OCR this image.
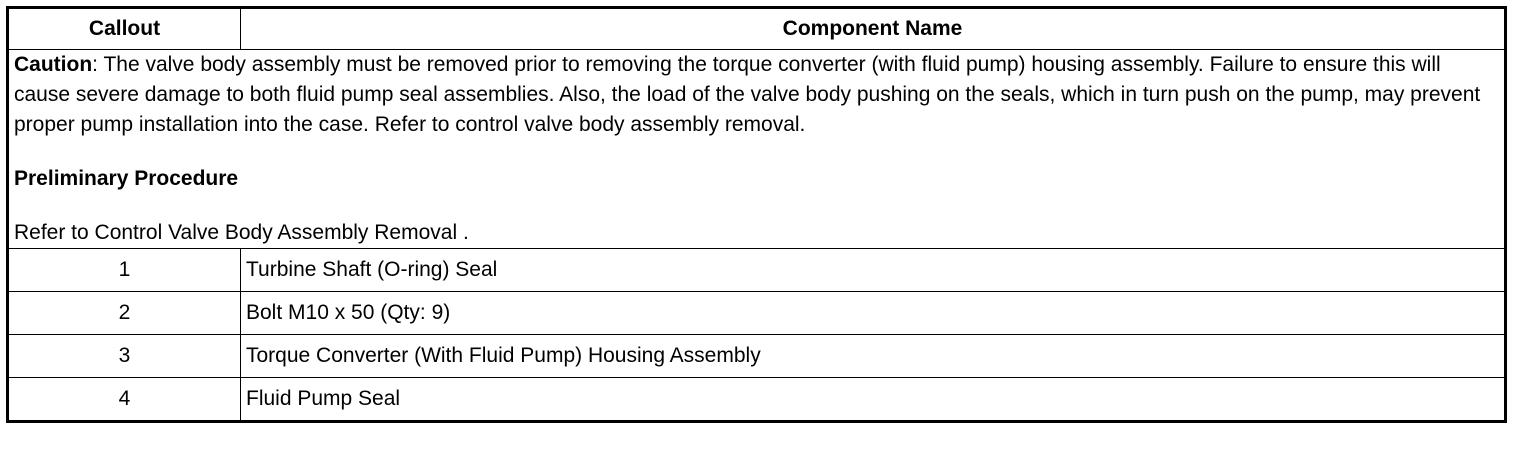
Callout	Component Name

Caution: The valve body assembly must be removed prior to removing the torque converter (with fluid pump) housing assembly. Failure to ensure this will cause severe damage to both fluid pump seal assemblies. Also, the load of the valve body pushing on the seals, which in turn push on the pump, may prevent proper pump installation into the case. Refer to control valve body assembly removal.

Preliminary Procedure

Refer to Control Valve Body Assembly Removal .	

1	Turbine Shaft (O-ring) Seal
2	Bolt M10 x 50 (Qty: 9)
3	Torque Converter (With Fluid Pump) Housing Assembly
4	Fluid Pump Seal
